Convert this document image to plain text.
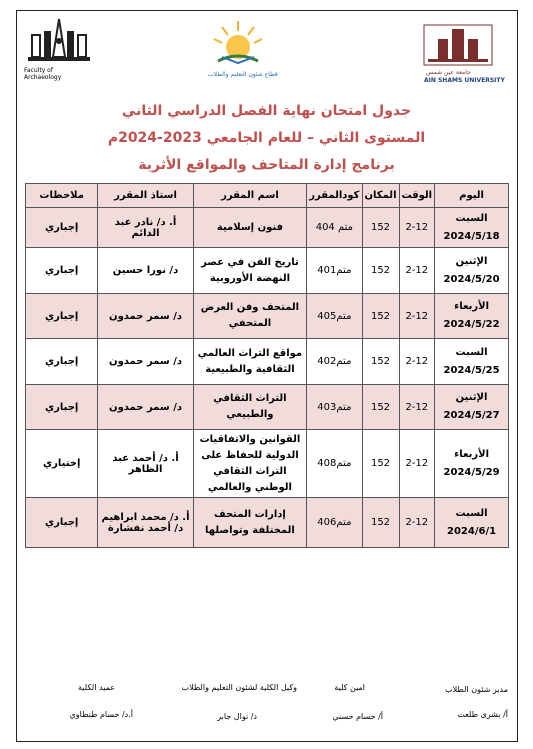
Faculty of
Archaeology	قطاع شئون التعليم والطلاب	جامعة عين شمس
AIN SHAMS UNIVERSITY
جدول امتحان نهاية الفصل الدراسي الثاني
المستوى الثاني – للعام الجامعي 2023-2024م
برنامج إدارة المتاحف والمواقع الأثرية
اليوم	الوقت	المكان	كودالمقرر	اسم المقرر	استاذ المقرر	ملاحظات
السبت
2024/5/18	2-12	152	متم 404	فنون إسلامية	أ. د/ نادر عبد الدائم	إجباري
الإثنين
2024/5/20	2-12	152	متم401	تاريخ الفن في عصر النهضة الأوروبية	د/ نورا حسين	إجباري
الأربعاء
2024/5/22	2-12	152	متم405	المتحف وفن العرض المتحفي	د/ سمر حمدون	إجباري
السبت
2024/5/25	2-12	152	متم402	مواقع التراث العالمي الثقافية والطبيعية	د/ سمر حمدون	إجباري
الإثنين
2024/5/27	2-12	152	متم403	التراث الثقافي والطبيعي	د/ سمر حمدون	إجباري
الأربعاء
2024/5/29	2-12	152	متم408	القوانين والاتفاقيات الدولية للحفاظ على التراث الثقافي الوطني والعالمي	أ. د/ أحمد عبد الظاهر	إختياري
السبت
2024/6/1	2-12	152	متم406	إدارات المتحف المختلفة وتواصلها	أ. د/ محمد ابراهيم
د/ أحمد نفشارة	إجباري
مدير شئون الطلاب
امين كلية
وكيل الكلية لشئون التعليم والطلاب
عميد الكلية
أ/ بشرى طلعت
أ/ حسام حسني
د/ نوال جابر
أ.د/ حسام طنطاوي
